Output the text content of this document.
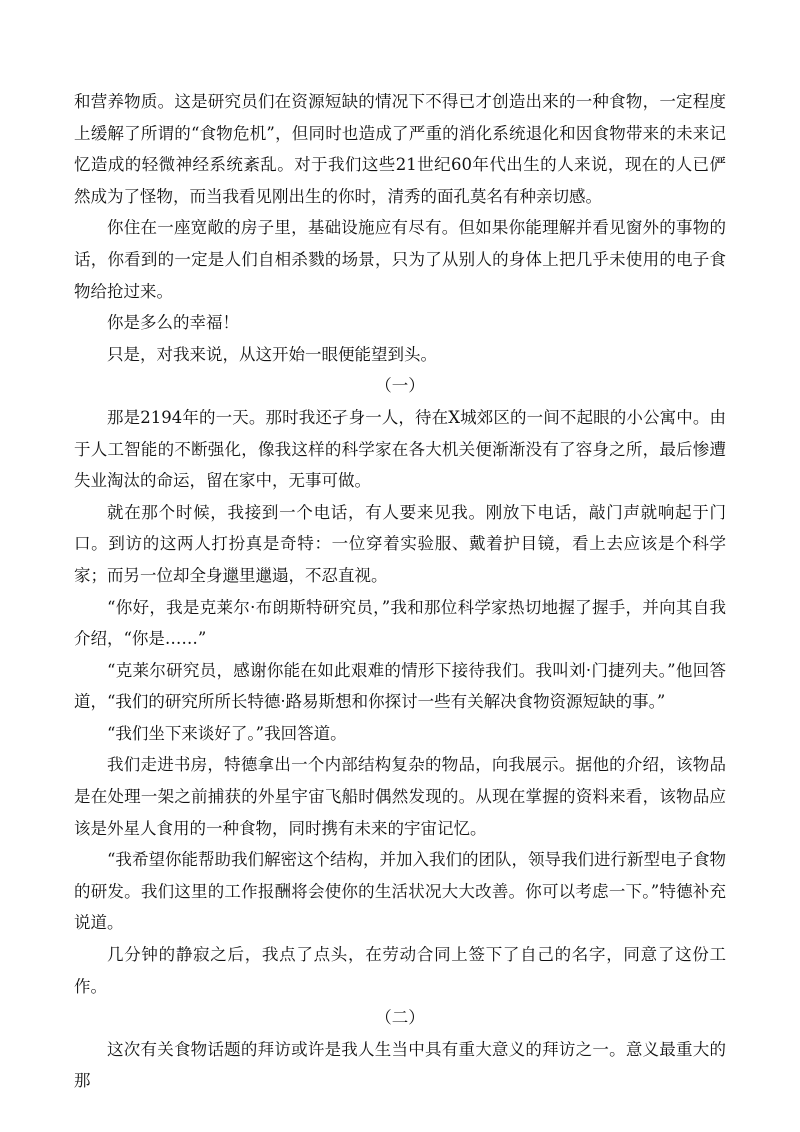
和营养物质。这是研究员们在资源短缺的情况下不得已才创造出来的一种食物，一定程度上缓解了所谓的“食物危机”，但同时也造成了严重的消化系统退化和因食物带来的未来记忆造成的轻微神经系统紊乱。对于我们这些21世纪60年代出生的人来说，现在的人已俨然成为了怪物，而当我看见刚出生的你时，清秀的面孔莫名有种亲切感。

你住在一座宽敞的房子里，基础设施应有尽有。但如果你能理解并看见窗外的事物的话，你看到的一定是人们自相杀戮的场景，只为了从别人的身体上把几乎未使用的电子食物给抢过来。

你是多么的幸福！

只是，对我来说，从这开始一眼便能望到头。

（一）

那是2194年的一天。那时我还孑身一人，待在X城郊区的一间不起眼的小公寓中。由于人工智能的不断强化，像我这样的科学家在各大机关便渐渐没有了容身之所，最后惨遭失业淘汰的命运，留在家中，无事可做。

就在那个时候，我接到一个电话，有人要来见我。刚放下电话，敲门声就响起于门口。到访的这两人打扮真是奇特：一位穿着实验服、戴着护目镜，看上去应该是个科学家；而另一位却全身邋里邋遢，不忍直视。

“你好，我是克莱尔·布朗斯特研究员，”我和那位科学家热切地握了握手，并向其自我介绍，“你是……”

“克莱尔研究员，感谢你能在如此艰难的情形下接待我们。我叫刘·门捷列夫。”他回答道，“我们的研究所所长特德·路易斯想和你探讨一些有关解决食物资源短缺的事。”

“我们坐下来谈好了。”我回答道。

我们走进书房，特德拿出一个内部结构复杂的物品，向我展示。据他的介绍，该物品是在处理一架之前捕获的外星宇宙飞船时偶然发现的。从现在掌握的资料来看，该物品应该是外星人食用的一种食物，同时携有未来的宇宙记忆。

“我希望你能帮助我们解密这个结构，并加入我们的团队，领导我们进行新型电子食物的研发。我们这里的工作报酬将会使你的生活状况大大改善。你可以考虑一下。”特德补充说道。

几分钟的静寂之后，我点了点头，在劳动合同上签下了自己的名字，同意了这份工作。

（二）

这次有关食物话题的拜访或许是我人生当中具有重大意义的拜访之一。意义最重大的那
